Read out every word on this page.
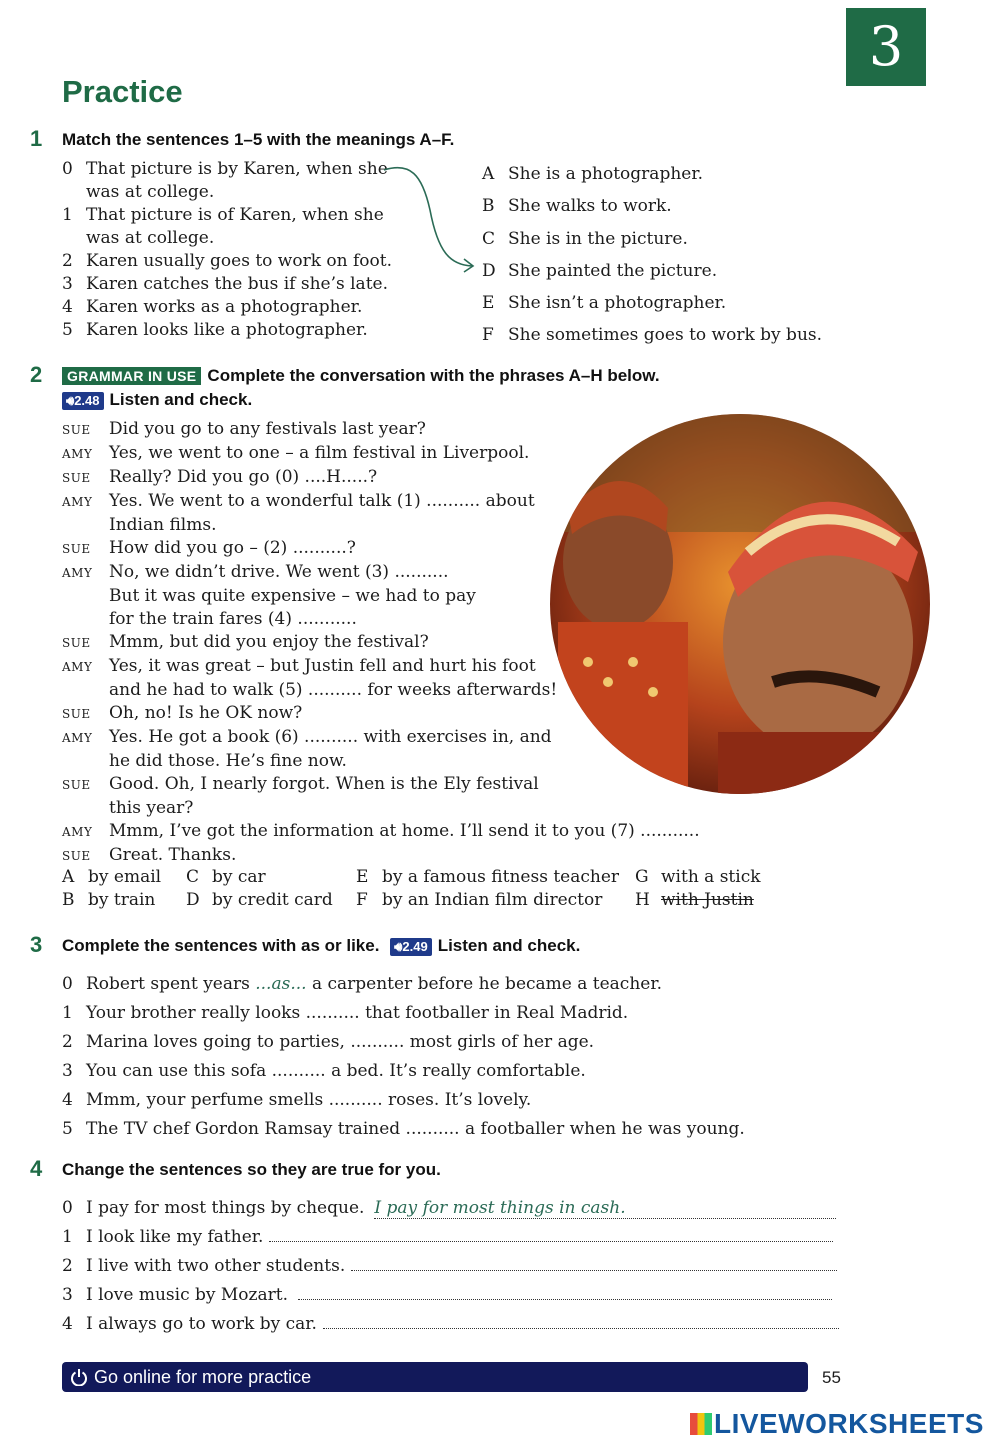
3
Practice
1 Match the sentences 1–5 with the meanings A–F.
0 That picture is by Karen, when she
was at college.
1 That picture is of Karen, when she
was at college.
2 Karen usually goes to work on foot.
3 Karen catches the bus if she’s late.
4 Karen works as a photographer.
5 Karen looks like a photographer.
A She is a photographer.
B She walks to work.
C She is in the picture.
D She painted the picture.
E She isn’t a photographer.
F She sometimes goes to work by bus.
2	GRAMMAR IN USE Complete the conversation with the phrases A–H below.
🔊︎2.48 Listen and check.
SUE Did you go to any festivals last year?
AMY Yes, we went to one – a film festival in Liverpool.
SUE Really? Did you go (0) ....H.....?
AMY Yes. We went to a wonderful talk (1) .......... about
Indian films.
SUE How did you go – (2) ..........?
AMY No, we didn’t drive. We went (3) ..........
But it was quite expensive – we had to pay
for the train fares (4) ...........
SUE Mmm, but did you enjoy the festival?
AMY Yes, it was great – but Justin fell and hurt his foot
and he had to walk (5) .......... for weeks afterwards!
SUE Oh, no! Is he OK now?
AMY Yes. He got a book (6) .......... with exercises in, and
he did those. He’s fine now.
SUE Good. Oh, I nearly forgot. When is the Ely festival
this year?
AMY Mmm, I’ve got the information at home. I’ll send it to you (7) ...........
SUE Great. Thanks.
A by email
B by train
C by car
D by credit card
E by a famous fitness teacher
F by an Indian film director
G with a stick
H with Justin
3 Complete the sentences with as or like. 🔊︎2.49 Listen and check.
0 Robert spent years ...as... a carpenter before he became a teacher.
1 Your brother really looks .......... that footballer in Real Madrid.
2 Marina loves going to parties, .......... most girls of her age.
3 You can use this sofa .......... a bed. It’s really comfortable.
4 Mmm, your perfume smells .......... roses. It’s lovely.
5 The TV chef Gordon Ramsay trained .......... a footballer when he was young.
4 Change the sentences so they are true for you.
0 I pay for most things by cheque. I pay for most things in cash.
1 I look like my father.
2 I live with two other students.
3 I love music by Mozart.
4 I always go to work by car.
Go online for more practice	55
LIVEWORKSHEETS
